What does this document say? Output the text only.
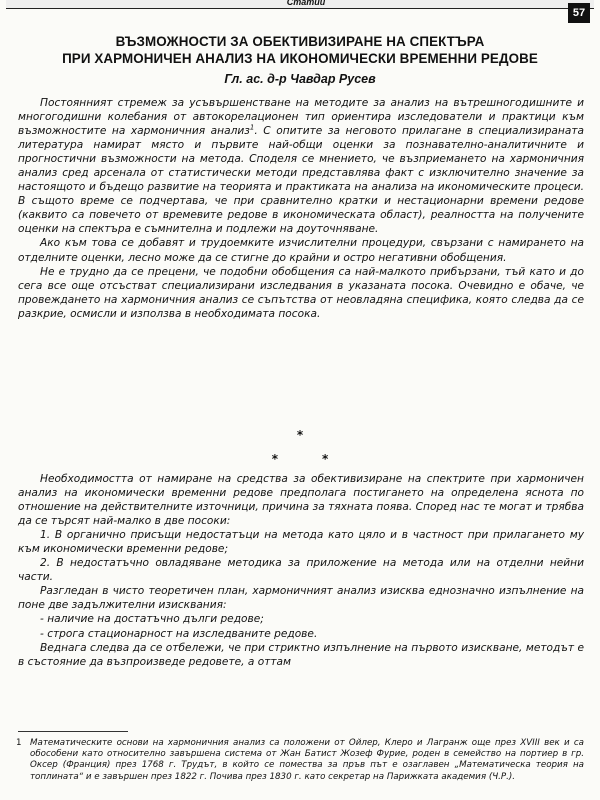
Статии
57
ВЪЗМОЖНОСТИ ЗА ОБЕКТИВИЗИРАНЕ НА СПЕКТЪРА
ПРИ ХАРМОНИЧЕН АНАЛИЗ НА ИКОНОМИЧЕСКИ ВРЕМЕННИ РЕДОВЕ
Гл. ас. д-р Чавдар Русев

Постоянният стремеж за усъвършенстване на методите за анализ на вътрешногодишните и многогодишни колебания от автокорелационен тип ориентира изследователи и практици към възможностите на хармоничния анализ$^1$. С опитите за неговото прилагане в специализираната литература намират място и първите най-общи оценки за познавателно-аналитичните и прогностични възможности на метода. Споделя се мнението, че възприемането на хармоничния анализ сред арсенала от статистически методи представлява факт с изключително значение за настоящото и бъдещо развитие на теорията и практиката на анализа на икономическите процеси. В същото време се подчертава, че при сравнително кратки и нестационарни времени редове (каквито са повечето от времевите редове в икономическата област), реалността на получените оценки на спектъра е съмнителна и подлежи на доуточняване.

Ако към това се добавят и трудоемките изчислителни процедури, свързани с намирането на отделните оценки, лесно може да се стигне до крайни и остро негативни обобщения.

Не е трудно да се прецени, че подобни обобщения са най-малкото прибързани, тъй като и до сега все още отсъстват специализирани изследвания в указаната посока. Очевидно е обаче, че провеждането на хармоничния анализ се съпътства от неовладяна специфика, която следва да се разкрие, осмисли и използва в необходимата посока.

*
*	*

Необходимостта от намиране на средства за обективизиране на спектрите при хармоничен анализ на икономически временни редове предполага постигането на определена яснота по отношение на действителните източници, причина за тяхната поява. Според нас те могат и трябва да се търсят най-малко в две посоки:

1. В органично присъщи недостатъци на метода като цяло и в частност при прилагането му към икономически временни редове;

2. В недостатъчно овладяване методика за приложение на метода или на отделни нейни части.

Разгледан в чисто теоретичен план, хармоничният анализ изисква еднозначно изпълнение на поне две задължителни изисквания:

- наличие на достатъчно дълги редове;

- строга стационарност на изследваните редове.

Веднага следва да се отбележи, че при стриктно изпълнение на първото изискване, методът е в състояние да възпроизведе редовете, а оттам

1 Математическите основи на хармоничния анализ са положени от Ойлер, Клеро и Лагранж още през XVIII век и са обособени като относително завършена система от Жан Батист Жозеф Фурие, роден в семейство на портиер в гр. Оксер (Франция) през 1768 г. Трудът, в който се помества за пръв път е озаглавен „Математическа теория на топлината“ и е завършен през 1822 г. Почива през 1830 г. като секретар на Парижката академия (Ч.Р.).
